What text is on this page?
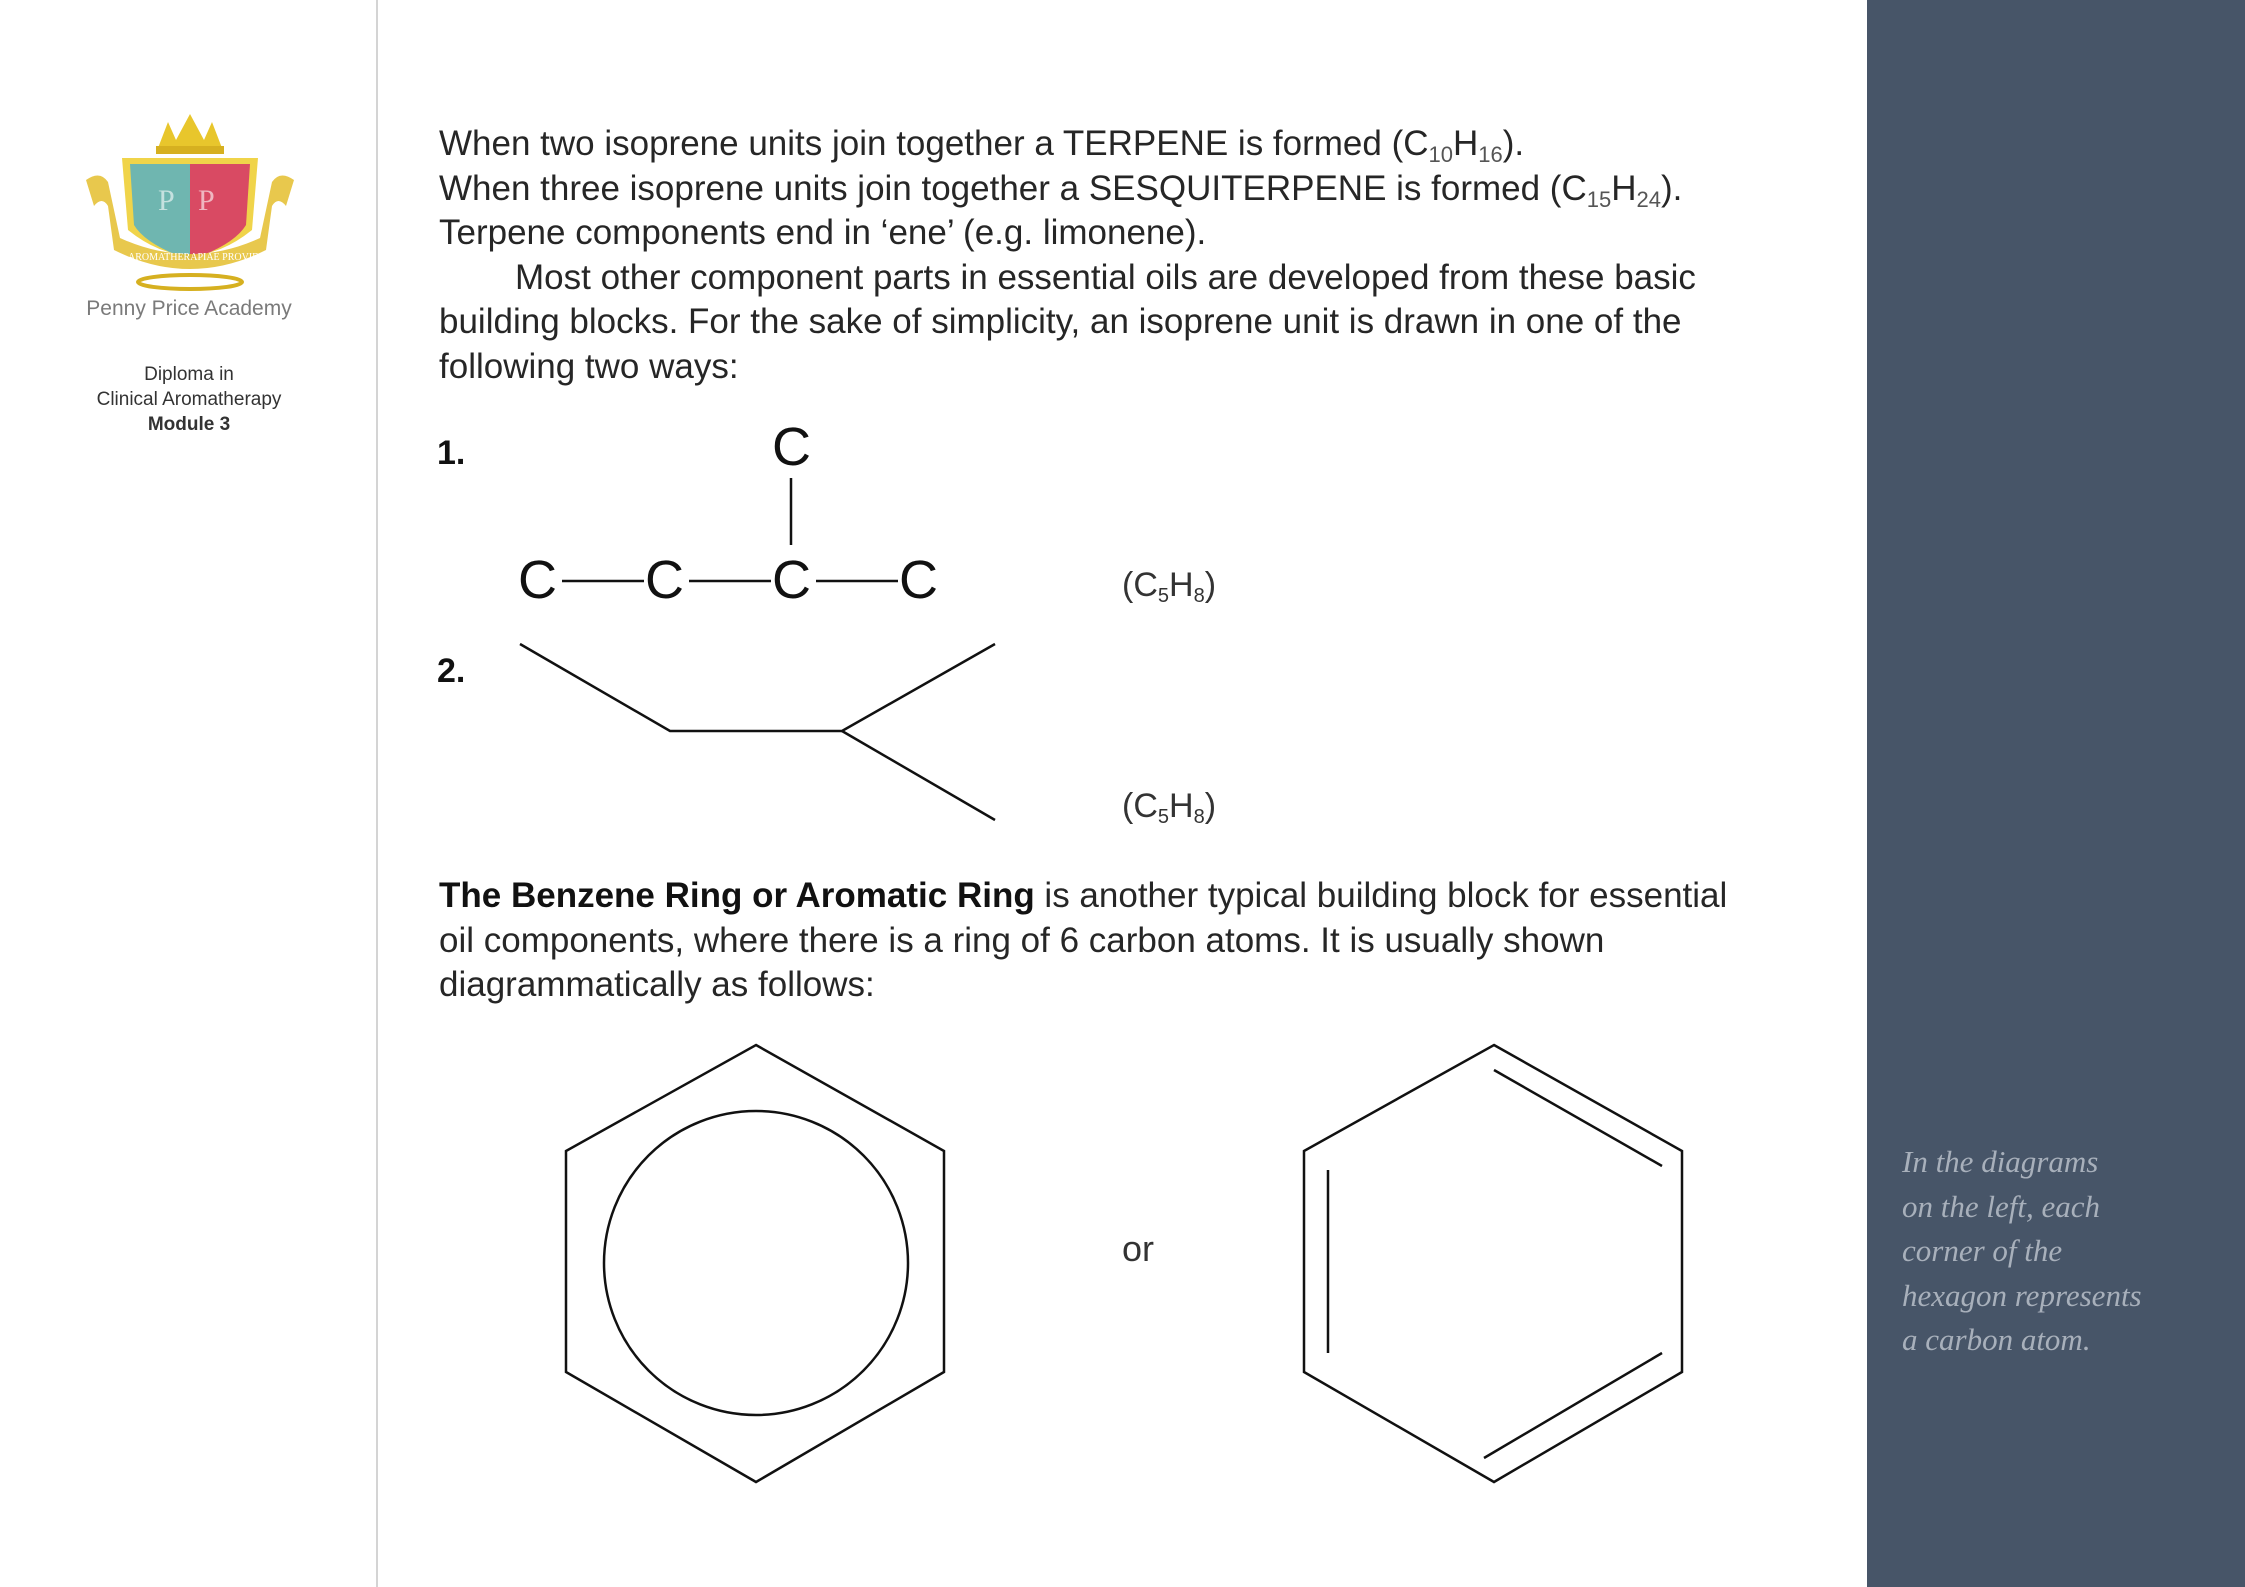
P P
AROMATHERAPIAE PROVIDA
Penny Price Academy
Diploma in
Clinical Aromatherapy
Module 3
When two isoprene units join together a TERPENE is formed $(C_{10}H_{16})$.
When three isoprene units join together a SESQUITERPENE is formed $(C_{15}H_{24})$.
Terpene components end in ‘ene’ (e.g. limonene).
Most other component parts in essential oils are developed from these basic
building blocks. For the sake of simplicity, an isoprene unit is drawn in one of the
following two ways:
1.	C
C C C C	$(C_5H_8)$
2.
$(C_5H_8)$
The Benzene Ring or Aromatic Ring is another typical building block for essential
oil components, where there is a ring of 6 carbon atoms. It is usually shown
diagrammatically as follows:
or
In the diagrams
on the left, each
corner of the
hexagon represents
a carbon atom.
